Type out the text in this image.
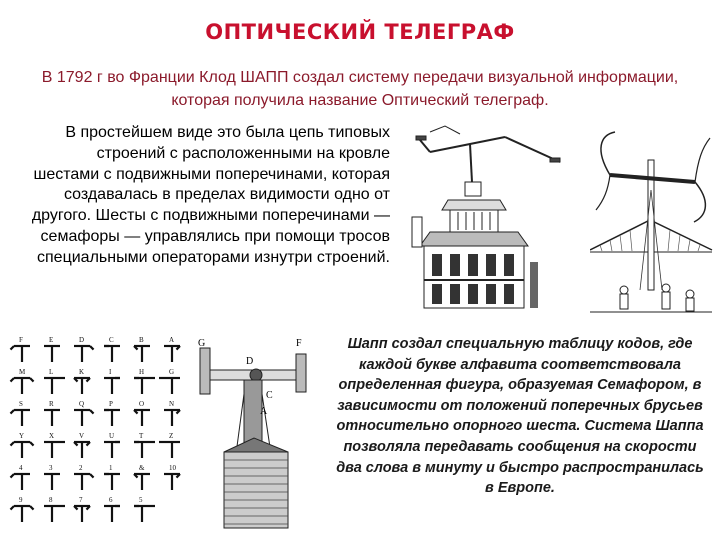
ОПТИЧЕСКИЙ ТЕЛЕГРАФ
В 1792 г во Франции Клод ШАПП создал систему передачи визуальной информации, которая получила название Оптический телеграф.
В простейшем виде это была цепь типовых строений с расположенными на кровле шестами с подвижными поперечинами, которая создавалась в пределах видимости одно от другого. Шесты с подвижными поперечинами — семафоры — управлялись при помощи тросов специальными операторами изнутри строений.
F	E	D	C	B	A
M	L	K	I	H	G
S	R	Q	P	O	N
Y	X	V	U	T	Z
4	3	2	1	&	10
9	8	7	6	5
G	F
D
C
A
Шапп создал специальную таблицу кодов, где каждой букве алфавита соответствовала определенная фигура, образуемая Семафором, в зависимости от положений поперечных брусьев относительно опорного шеста. Система Шаппа позволяла передавать сообщения на скорости два слова в минуту и быстро распространилась в Европе.
